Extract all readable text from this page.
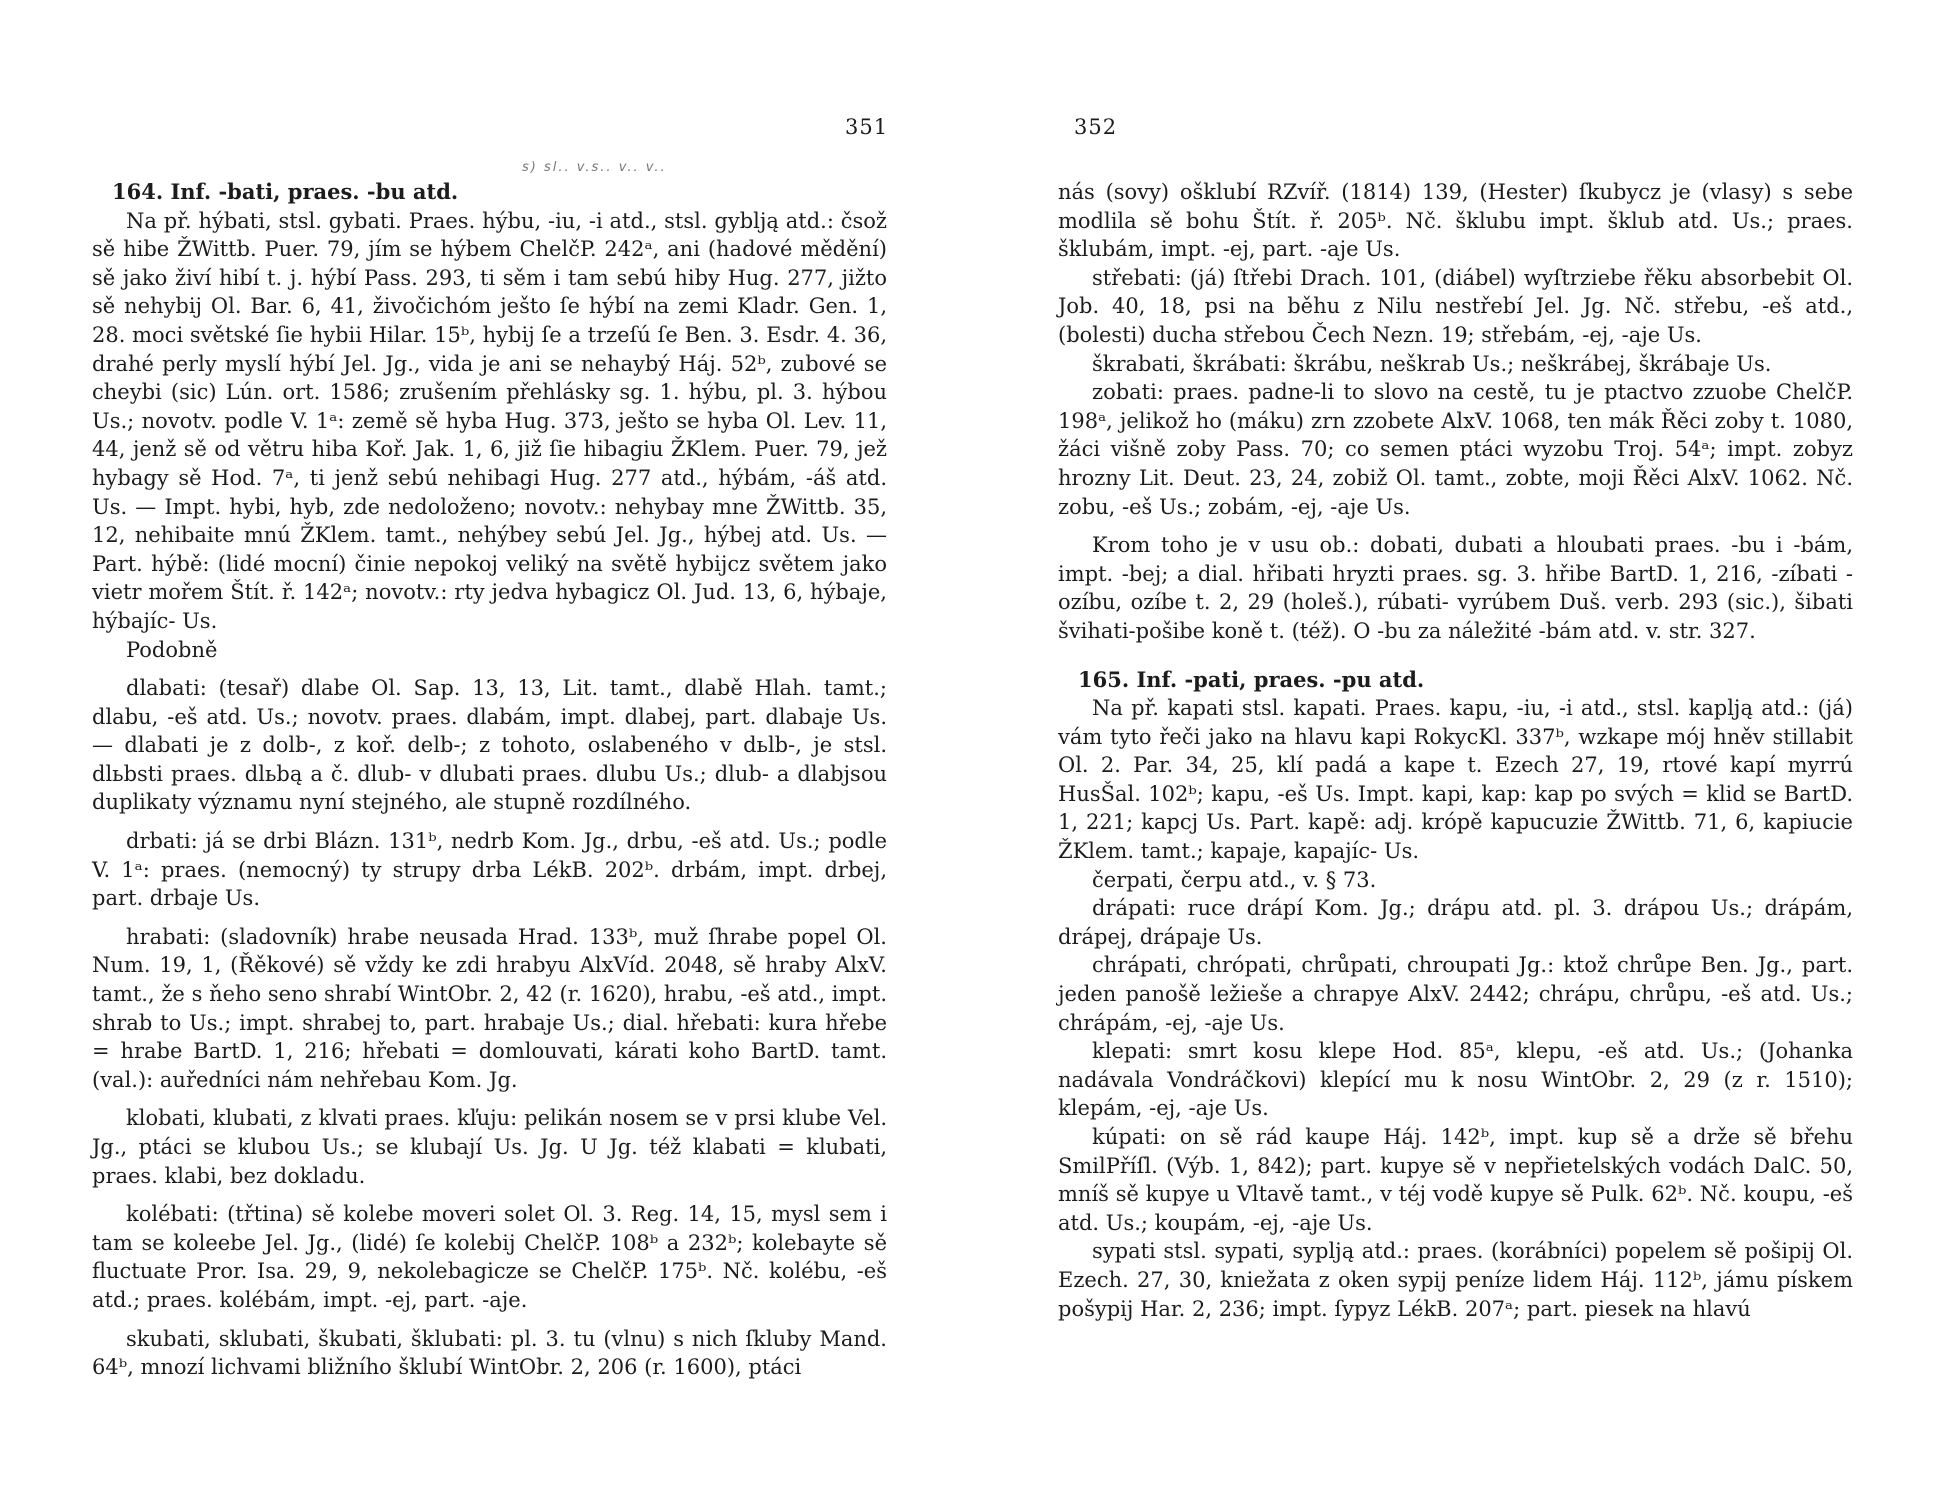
351
s) sl.. v.s.. v.. v..

164. Inf. -bati, praes. -bu atd.

Na př. hýbati, stsl. gybati. Praes. hýbu, -iu, -i atd., stsl. gyblją atd.: čsož sě hibe ŽWittb. Puer. 79, jím se hýbem ChelčP. 242ᵃ, ani (hadové mědění) sě jako živí hibí t. j. hýbí Pass. 293, ti sěm i tam sebú hiby Hug. 277, jižto sě nehybij Ol. Bar. 6, 41, živočichóm ješto ſe hýbí na zemi Kladr. Gen. 1, 28. moci světské ſie hybii Hilar. 15ᵇ, hybij ſe a trzeſú ſe Ben. 3. Esdr. 4. 36, drahé perly myslí hýbí Jel. Jg., vida je ani se nehaybý Háj. 52ᵇ, zubové se cheybi (sic) Lún. ort. 1586; zrušením přehlásky sg. 1. hýbu, pl. 3. hýbou Us.; novotv. podle V. 1ᵃ: země sě hyba Hug. 373, ješto se hyba Ol. Lev. 11, 44, jenž sě od větru hiba Koř. Jak. 1, 6, již ſie hibagiu ŽKlem. Puer. 79, jež hybagy sě Hod. 7ᵃ, ti jenž sebú nehibagi Hug. 277 atd., hýbám, -áš atd. Us. — Impt. hybi, hyb, zde nedoloženo; novotv.: nehybay mne ŽWittb. 35, 12, nehibaite mnú ŽKlem. tamt., nehýbey sebú Jel. Jg., hýbej atd. Us. — Part. hýbě: (lidé mocní) činie nepokoj veliký na světě hybijcz světem jako vietr mořem Štít. ř. 142ᵃ; novotv.: rty jedva hybagicz Ol. Jud. 13, 6, hýbaje, hýbajíc- Us.

Podobně

dlabati: (tesař) dlabe Ol. Sap. 13, 13, Lit. tamt., dlabě Hlah. tamt.; dlabu, -eš atd. Us.; novotv. praes. dlabám, impt. dlabej, part. dlabaje Us. — dlabati je z dolb-, z koř. delb-; z tohoto, oslabeného v dьlb-, je stsl. dlьbsti praes. dlьbą a č. dlub- v dlubati praes. dlubu Us.; dlub- a dlabjsou duplikaty významu nyní stejného, ale stupně rozdílného.

drbati: já se drbi Blázn. 131ᵇ, nedrb Kom. Jg., drbu, -eš atd. Us.; podle V. 1ᵃ: praes. (nemocný) ty strupy drba LékB. 202ᵇ. drbám, impt. drbej, part. drbaje Us.

hrabati: (sladovník) hrabe neusada Hrad. 133ᵇ, muž ſhrabe popel Ol. Num. 19, 1, (Řěkové) sě vždy ke zdi hrabyu AlxVíd. 2048, sě hraby AlxV. tamt., že s ňeho seno shrabí WintObr. 2, 42 (r. 1620), hrabu, -eš atd., impt. shrab to Us.; impt. shrabej to, part. hrabaje Us.; dial. hřebati: kura hřebe = hrabe BartD. 1, 216; hřebati = domlouvati, kárati koho BartD. tamt. (val.): auředníci nám nehřebau Kom. Jg.

klobati, klubati, z klvati praes. kľuju: pelikán nosem se v prsi klube Vel. Jg., ptáci se klubou Us.; se klubají Us. Jg. U Jg. též klabati = klubati, praes. klabi, bez dokladu.

kolébati: (třtina) sě kolebe moveri solet Ol. 3. Reg. 14, 15, mysl sem i tam se koleebe Jel. Jg., (lidé) ſe kolebij ChelčP. 108ᵇ a 232ᵇ; kolebayte sě fluctuate Pror. Isa. 29, 9, nekolebagicze se ChelčP. 175ᵇ. Nč. kolébu, -eš atd.; praes. kolébám, impt. -ej, part. -aje.

skubati, sklubati, škubati, šklubati: pl. 3. tu (vlnu) s nich ſkluby Mand. 64ᵇ, mnozí lichvami bližního šklubí WintObr. 2, 206 (r. 1600), ptáci

352

nás (sovy) ošklubí RZvíř. (1814) 139, (Hester) ſkubycz je (vlasy) s sebe modlila sě bohu Štít. ř. 205ᵇ. Nč. šklubu impt. šklub atd. Us.; praes. šklubám, impt. -ej, part. -aje Us.

střebati: (já) ſtřebi Drach. 101, (diábel) wyſtrziebe řěku absorbebit Ol. Job. 40, 18, psi na běhu z Nilu nestřebí Jel. Jg. Nč. střebu, -eš atd., (bolesti) ducha střebou Čech Nezn. 19; střebám, -ej, -aje Us.

škrabati, škrábati: škrábu, neškrab Us.; neškrábej, škrábaje Us.

zobati: praes. padne-li to slovo na cestě, tu je ptactvo zzuobe ChelčP. 198ᵃ, jelikož ho (máku) zrn zzobete AlxV. 1068, ten mák Řěci zoby t. 1080, žáci višně zoby Pass. 70; co semen ptáci wyzobu Troj. 54ᵃ; impt. zobyz hrozny Lit. Deut. 23, 24, zobiž Ol. tamt., zobte, moji Řěci AlxV. 1062. Nč. zobu, -eš Us.; zobám, -ej, -aje Us.

Krom toho je v usu ob.: dobati, dubati a hloubati praes. -bu i -bám, impt. -bej; a dial. hřibati hryzti praes. sg. 3. hřibe BartD. 1, 216, -zíbati -ozíbu, ozíbe t. 2, 29 (holeš.), rúbati- vyrúbem Duš. verb. 293 (sic.), šibati švihati-pošibe koně t. (též). O -bu za náležité -bám atd. v. str. 327.

165. Inf. -pati, praes. -pu atd.

Na př. kapati stsl. kapati. Praes. kapu, -iu, -i atd., stsl. kaplją atd.: (já) vám tyto řeči jako na hlavu kapi RokycKl. 337ᵇ, wzkape mój hněv stillabit Ol. 2. Par. 34, 25, klí padá a kape t. Ezech 27, 19, rtové kapí myrrú HusŠal. 102ᵇ; kapu, -eš Us. Impt. kapi, kap: kap po svých = klid se BartD. 1, 221; kapcj Us. Part. kapě: adj. krópě kapucuzie ŽWittb. 71, 6, kapiucie ŽKlem. tamt.; kapaje, kapajíc- Us.

čerpati, čerpu atd., v. § 73.

drápati: ruce drápí Kom. Jg.; drápu atd. pl. 3. drápou Us.; drápám, drápej, drápaje Us.

chrápati, chrópati, chrůpati, chroupati Jg.: ktož chrůpe Ben. Jg., part. jeden panošě ležieše a chrapye AlxV. 2442; chrápu, chrůpu, -eš atd. Us.; chrápám, -ej, -aje Us.

klepati: smrt kosu klepe Hod. 85ᵃ, klepu, -eš atd. Us.; (Johanka nadávala Vondráčkovi) klepící mu k nosu WintObr. 2, 29 (z r. 1510); klepám, -ej, -aje Us.

kúpati: on sě rád kaupe Háj. 142ᵇ, impt. kup sě a drže sě břehu SmilPříſl. (Výb. 1, 842); part. kupye sě v nepřietelských vodách DalC. 50, mníš sě kupye u Vltavě tamt., v téj vodě kupye sě Pulk. 62ᵇ. Nč. koupu, -eš atd. Us.; koupám, -ej, -aje Us.

sypati stsl. sypati, syplją atd.: praes. (korábníci) popelem sě pošipij Ol. Ezech. 27, 30, kniežata z oken sypij peníze lidem Háj. 112ᵇ, jámu pískem pošypij Har. 2, 236; impt. ſypyz LékB. 207ᵃ; part. piesek na hlavú
